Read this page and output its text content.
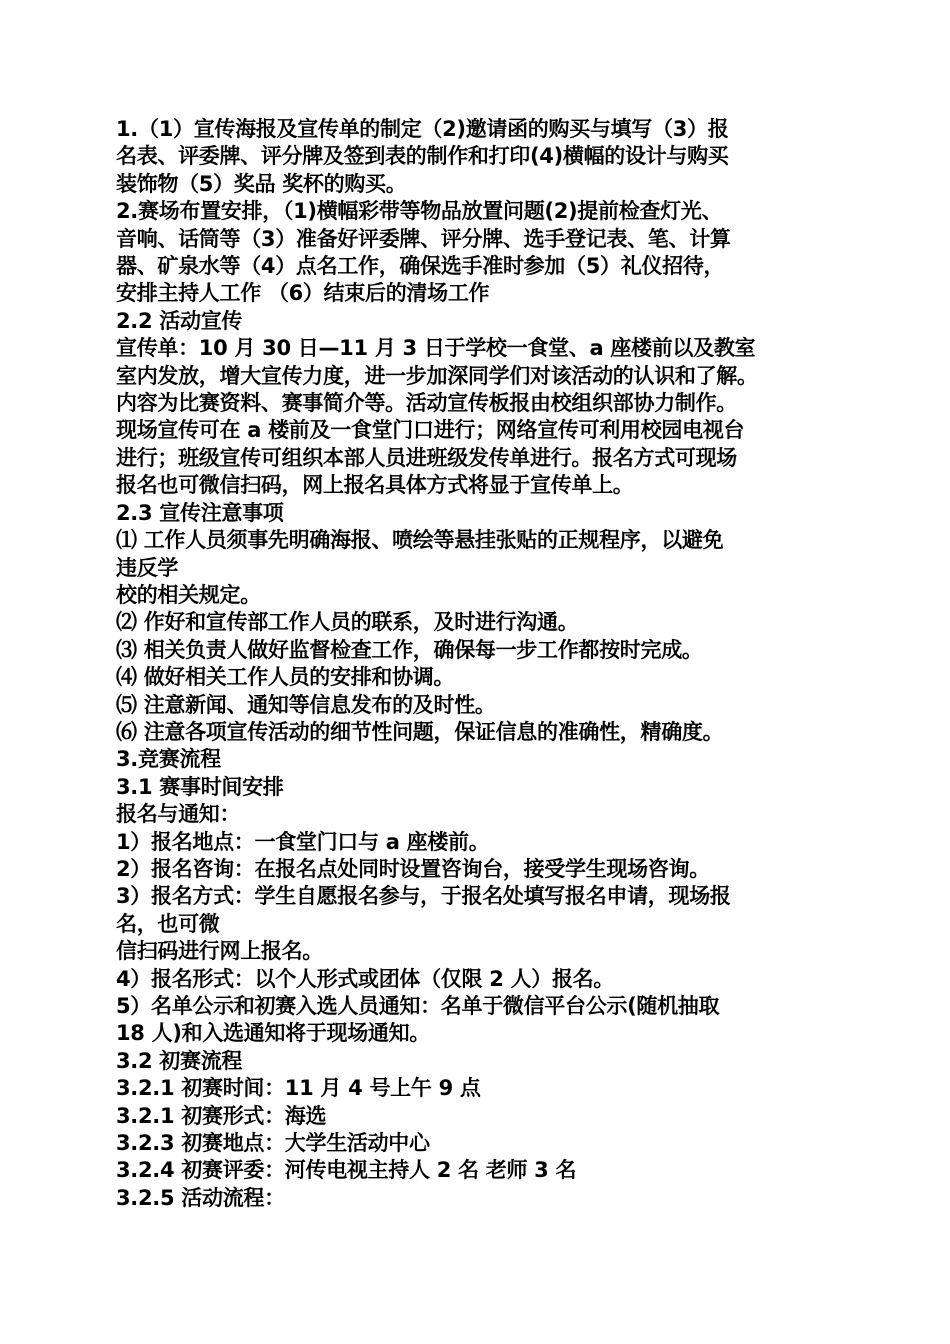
1.（1）宣传海报及宣传单的制定（2)邀请函的购买与填写（3）报
名表、评委牌、评分牌及签到表的制作和打印(4)横幅的设计与购买
装饰物（5）奖品 奖杯的购买。
2.赛场布置安排，（1)横幅彩带等物品放置问题(2)提前检查灯光、
音响、话筒等（3）准备好评委牌、评分牌、选手登记表、笔、计算
器、矿泉水等（4）点名工作，确保选手准时参加（5）礼仪招待，
安排主持人工作 （6）结束后的清场工作
2.2 活动宣传
宣传单：10 月 30 日—11 月 3 日于学校一食堂、a 座楼前以及教室
室内发放，增大宣传力度，进一步加深同学们对该活动的认识和了解。
内容为比赛资料、赛事简介等。活动宣传板报由校组织部协力制作。
现场宣传可在 a 楼前及一食堂门口进行；网络宣传可利用校园电视台
进行；班级宣传可组织本部人员进班级发传单进行。报名方式可现场
报名也可微信扫码，网上报名具体方式将显于宣传单上。
2.3 宣传注意事项
⑴ 工作人员须事先明确海报、喷绘等悬挂张贴的正规程序，以避免
违反学
校的相关规定。
⑵ 作好和宣传部工作人员的联系，及时进行沟通。
⑶ 相关负责人做好监督检查工作，确保每一步工作都按时完成。
⑷ 做好相关工作人员的安排和协调。
⑸ 注意新闻、通知等信息发布的及时性。
⑹ 注意各项宣传活动的细节性问题，保证信息的准确性，精确度。
3.竞赛流程
3.1 赛事时间安排
报名与通知：
1）报名地点：一食堂门口与 a 座楼前。
2）报名咨询：在报名点处同时设置咨询台，接受学生现场咨询。
3）报名方式：学生自愿报名参与，于报名处填写报名申请，现场报
名，也可微
信扫码进行网上报名。
4）报名形式：以个人形式或团体（仅限 2 人）报名。
5）名单公示和初赛入选人员通知：名单于微信平台公示(随机抽取
18 人)和入选通知将于现场通知。
3.2 初赛流程
3.2.1 初赛时间：11 月 4 号上午 9 点
3.2.1 初赛形式：海选
3.2.3 初赛地点：大学生活动中心
3.2.4 初赛评委：河传电视主持人 2 名 老师 3 名
3.2.5 活动流程：
